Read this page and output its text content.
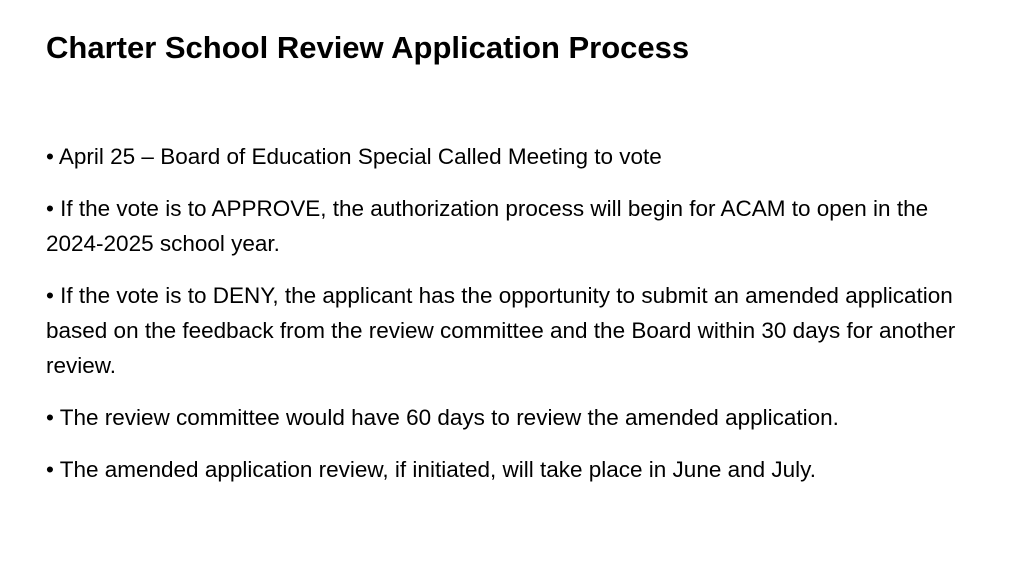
Charter School Review Application Process
• April 25 – Board of Education Special Called Meeting to vote
• If the vote is to APPROVE, the authorization process will begin for ACAM to open in the 2024-2025 school year.
• If the vote is to DENY, the applicant has the opportunity to submit an amended application based on the feedback from the review committee and the Board within 30 days for another review.
• The review committee would have 60 days to review the amended application.
• The amended application review, if initiated, will take place in June and July.
